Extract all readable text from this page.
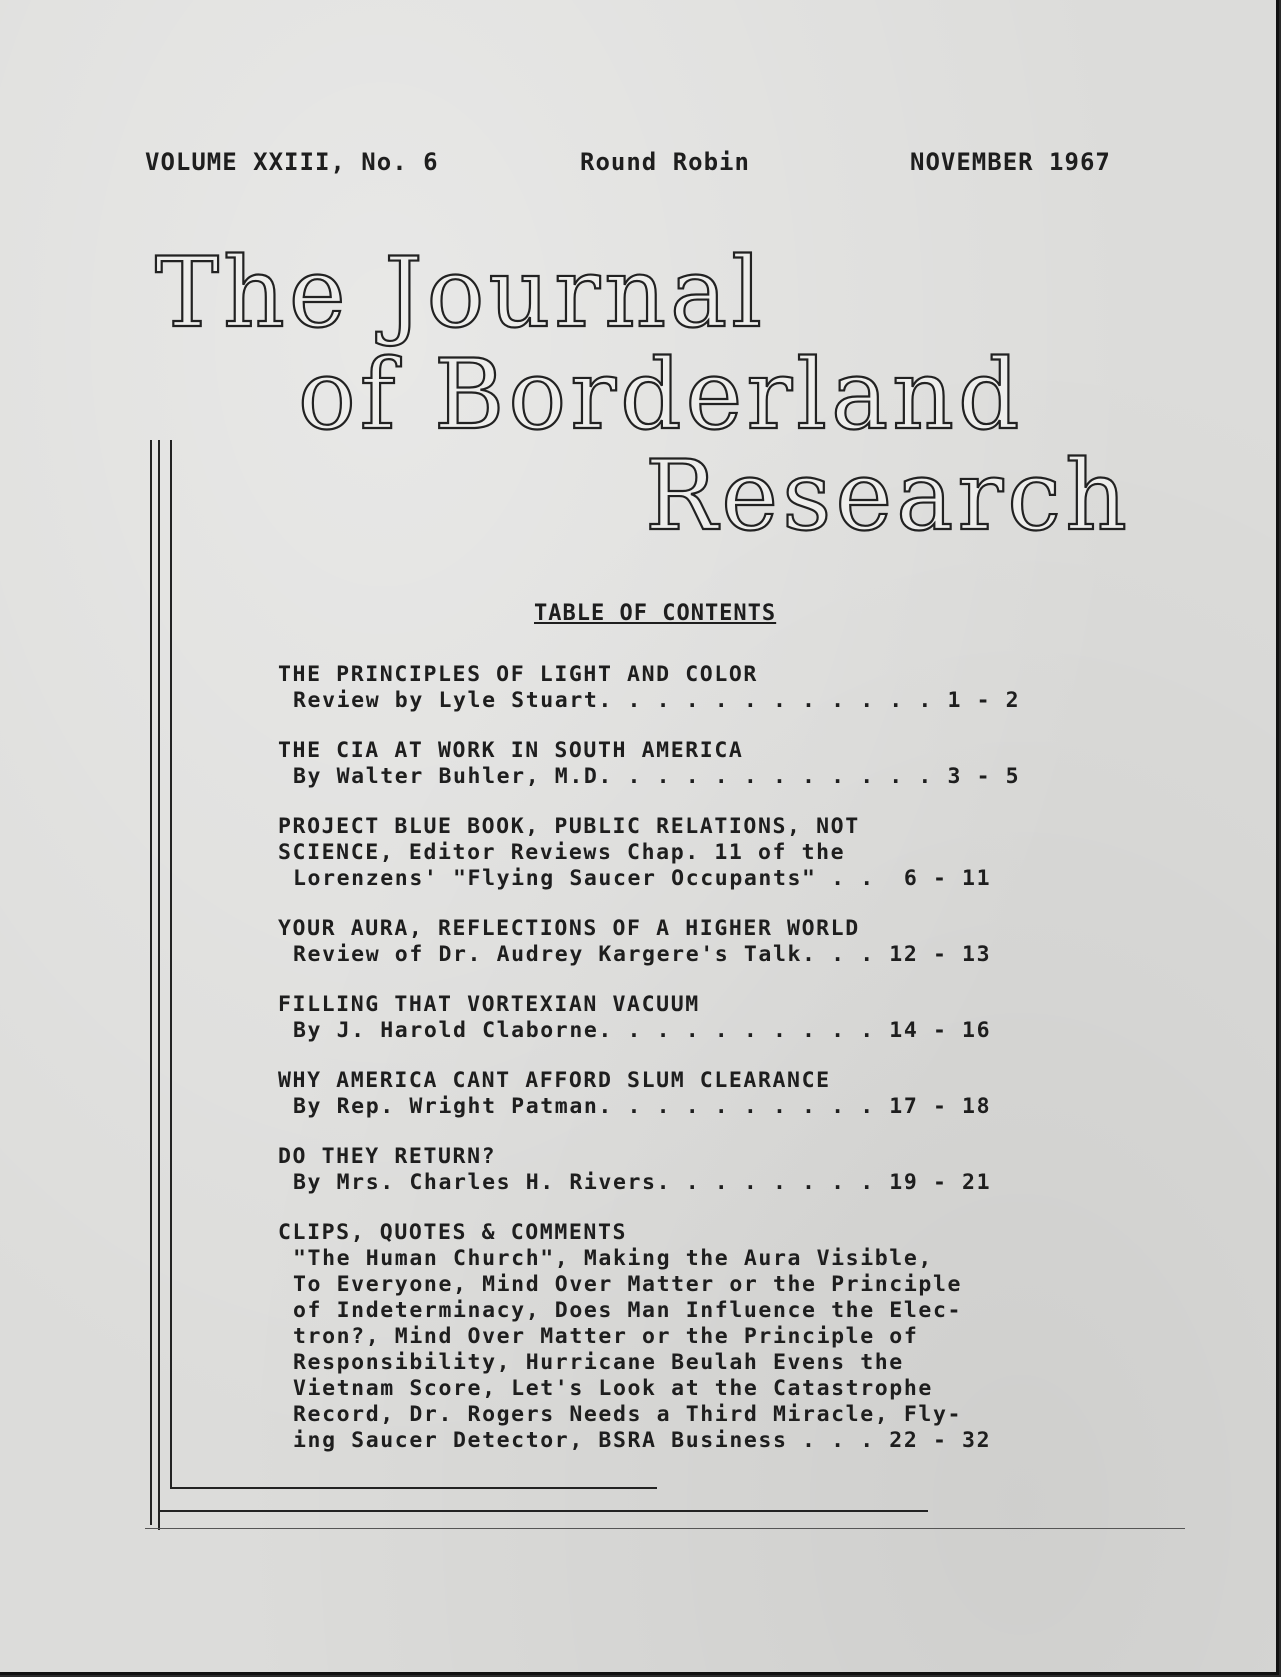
VOLUME XXIII, No. 6	Round Robin	NOVEMBER 1967
The Journal
of Borderland
Research
TABLE OF CONTENTS
THE PRINCIPLES OF LIGHT AND COLOR
Review by Lyle Stuart. . . . . . . . . . . . 1 - 2
THE CIA AT WORK IN SOUTH AMERICA
By Walter Buhler, M.D. . . . . . . . . . . . 3 - 5
PROJECT BLUE BOOK, PUBLIC RELATIONS, NOT
SCIENCE, Editor Reviews Chap. 11 of the
Lorenzens' "Flying Saucer Occupants" . .  6 - 11
YOUR AURA, REFLECTIONS OF A HIGHER WORLD
Review of Dr. Audrey Kargere's Talk. . . 12 - 13
FILLING THAT VORTEXIAN VACUUM
By J. Harold Claborne. . . . . . . . . . 14 - 16
WHY AMERICA CANT AFFORD SLUM CLEARANCE
By Rep. Wright Patman. . . . . . . . . . 17 - 18
DO THEY RETURN?
By Mrs. Charles H. Rivers. . . . . . . . 19 - 21
CLIPS, QUOTES & COMMENTS
"The Human Church", Making the Aura Visible,
To Everyone, Mind Over Matter or the Principle
of Indeterminacy, Does Man Influence the Elec-
tron?, Mind Over Matter or the Principle of
Responsibility, Hurricane Beulah Evens the
Vietnam Score, Let's Look at the Catastrophe
Record, Dr. Rogers Needs a Third Miracle, Fly-
ing Saucer Detector, BSRA Business . . . 22 - 32
